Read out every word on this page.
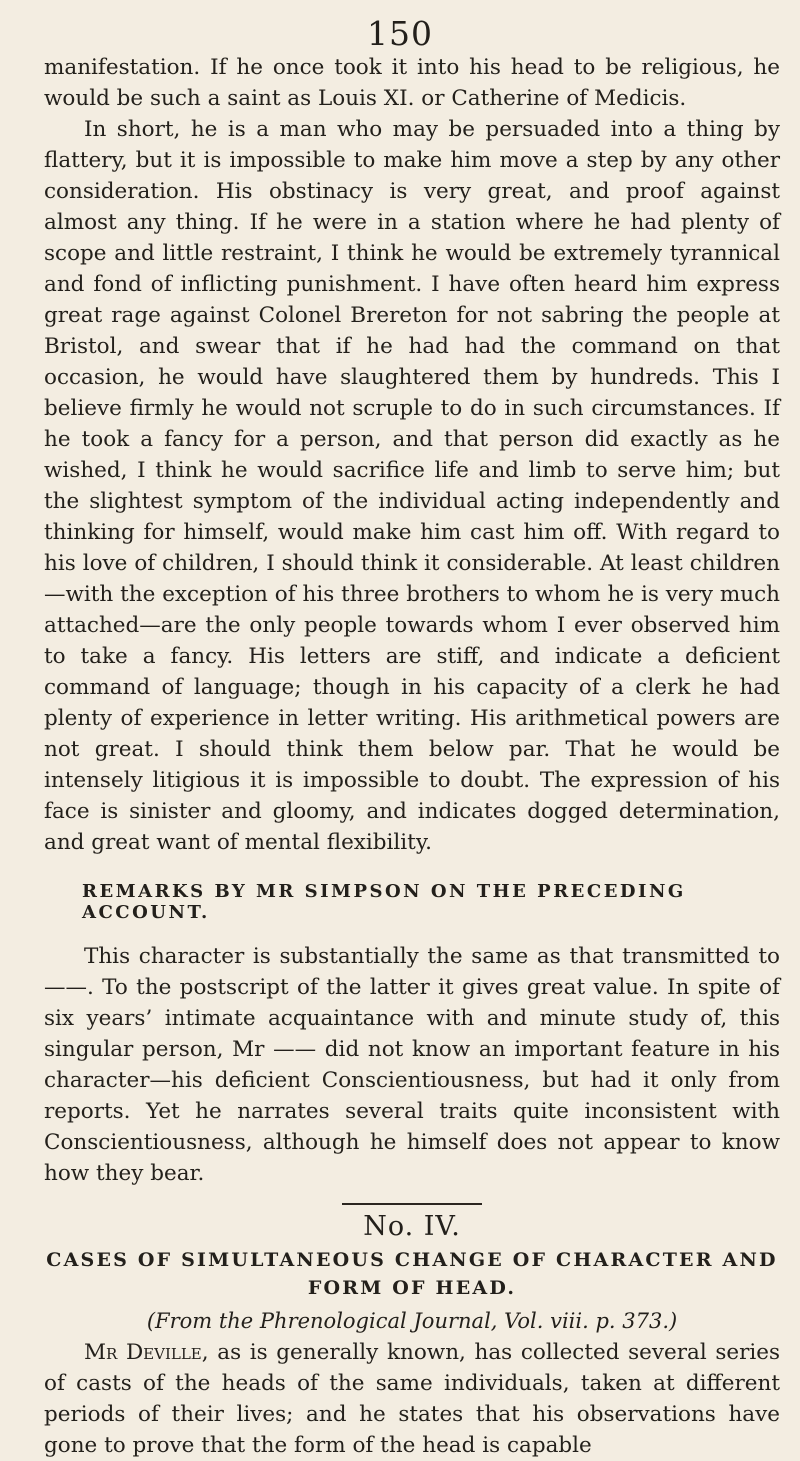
150

manifestation. If he once took it into his head to be religious, he would be such a saint as Louis XI. or Catherine of Medicis.

In short, he is a man who may be persuaded into a thing by flattery, but it is impossible to make him move a step by any other consideration. His obstinacy is very great, and proof against almost any thing. If he were in a station where he had plenty of scope and little restraint, I think he would be extremely tyrannical and fond of inflicting punishment. I have often heard him express great rage against Colonel Brereton for not sabring the people at Bristol, and swear that if he had had the command on that occasion, he would have slaughtered them by hundreds. This I believe firmly he would not scruple to do in such circumstances. If he took a fancy for a person, and that person did exactly as he wished, I think he would sacrifice life and limb to serve him; but the slightest symptom of the individual acting independently and thinking for himself, would make him cast him off. With regard to his love of children, I should think it considerable. At least children—with the exception of his three brothers to whom he is very much attached—are the only people towards whom I ever observed him to take a fancy. His letters are stiff, and indicate a deficient command of language; though in his capacity of a clerk he had plenty of experience in letter writing. His arithmetical powers are not great. I should think them below par. That he would be intensely litigious it is impossible to doubt. The expression of his face is sinister and gloomy, and indicates dogged determination, and great want of mental flexibility.

REMARKS BY MR SIMPSON ON THE PRECEDING ACCOUNT.

This character is substantially the same as that transmitted to ——. To the postscript of the latter it gives great value. In spite of six years’ intimate acquaintance with and minute study of, this singular person, Mr —— did not know an important feature in his character—his deficient Conscientiousness, but had it only from reports. Yet he narrates several traits quite inconsistent with Conscientiousness, although he himself does not appear to know how they bear.

No. IV.
CASES OF SIMULTANEOUS CHANGE OF CHARACTER AND FORM OF HEAD.
(From the Phrenological Journal, Vol. viii. p. 373.)

Mr Deville, as is generally known, has collected several series of casts of the heads of the same individuals, taken at different periods of their lives; and he states that his observations have gone to prove that the form of the head is capable
